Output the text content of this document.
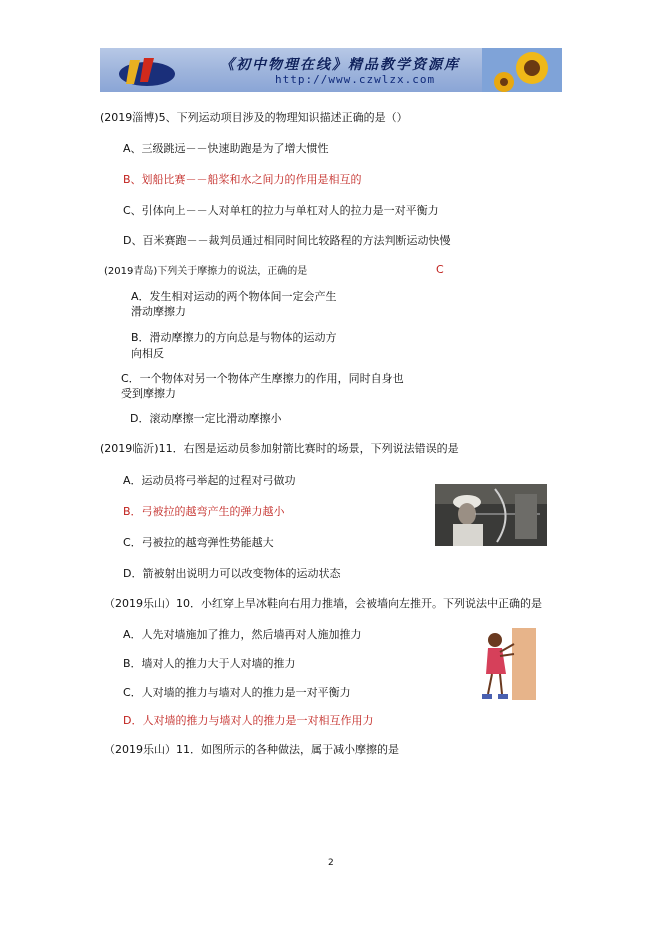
《初中物理在线》精品教学资源库
http://www.czwlzx.com
(2019淄博)5、下列运动项目涉及的物理知识描述正确的是（）
A、三级跳远－－快速助跑是为了增大惯性
B、划船比赛－－船桨和水之间力的作用是相互的
C、引体向上－－人对单杠的拉力与单杠对人的拉力是一对平衡力
D、百米赛跑－－裁判员通过相同时间比较路程的方法判断运动快慢
(2019青岛)下列关于摩擦力的说法，正确的是	C
A．发生相对运动的两个物体间一定会产生
滑动摩擦力
B．滑动摩擦力的方向总是与物体的运动方
向相反
C．一个物体对另一个物体产生摩擦力的作用，同时自身也
受到摩擦力
D．滚动摩擦一定比滑动摩擦小
(2019临沂)11．右图是运动员参加射箭比赛时的场景，下列说法错误的是
A．运动员将弓举起的过程对弓做功
B．弓被拉的越弯产生的弹力越小
C．弓被拉的越弯弹性势能越大
D．箭被射出说明力可以改变物体的运动状态
（2019乐山）10．小红穿上旱冰鞋向右用力推墙，会被墙向左推开。下列说法中正确的是
A．人先对墙施加了推力，然后墙再对人施加推力
B．墙对人的推力大于人对墙的推力
C．人对墙的推力与墙对人的推力是一对平衡力
D．人对墙的推力与墙对人的推力是一对相互作用力
（2019乐山）11．如图所示的各种做法，属于减小摩擦的是
2
